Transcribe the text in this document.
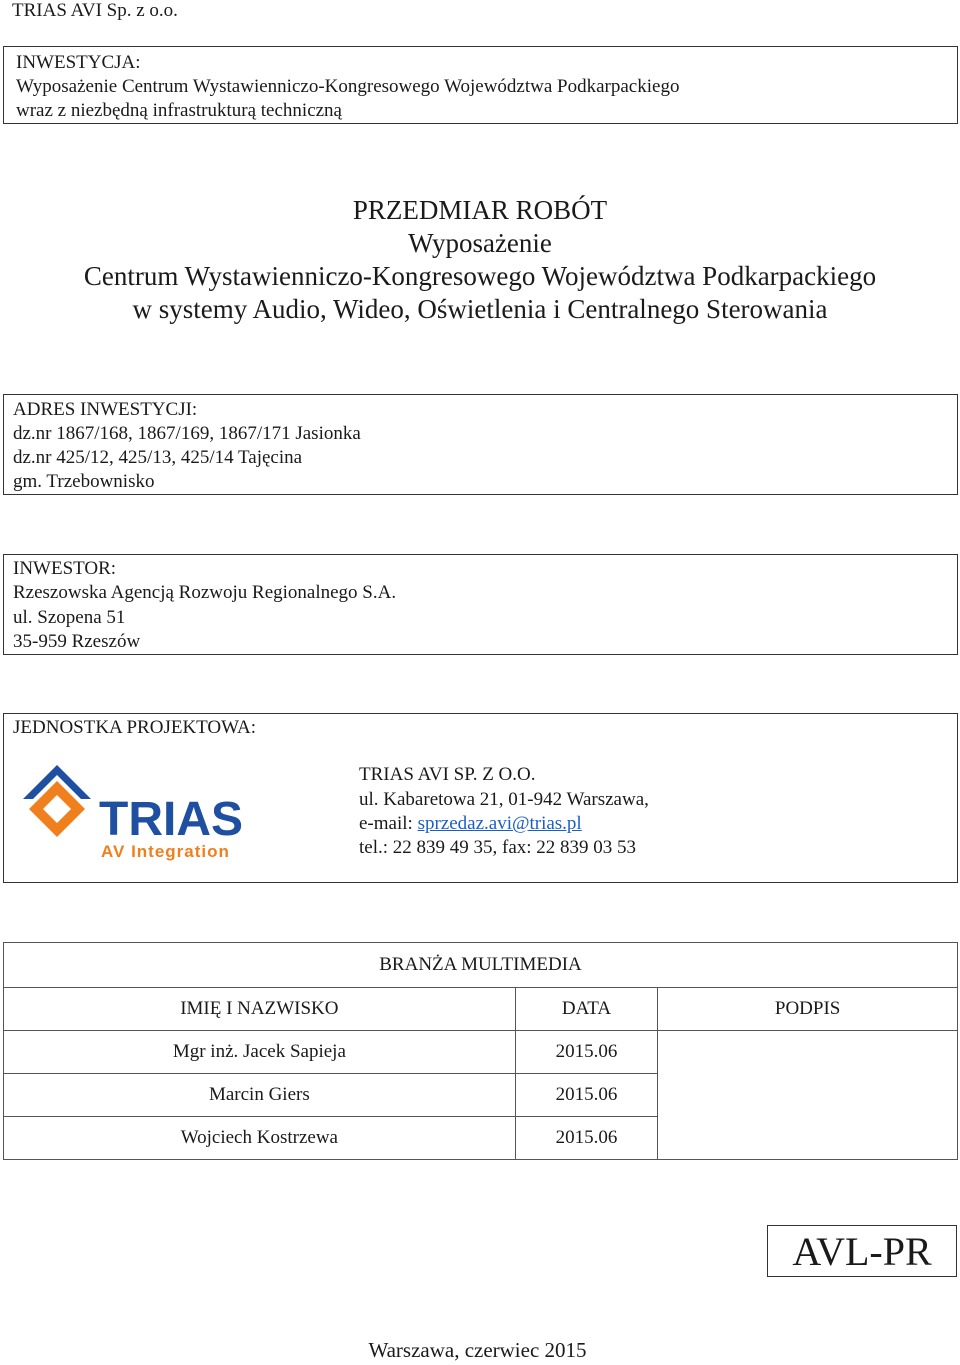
TRIAS AVI Sp. z o.o.
INWESTYCJA:
Wyposażenie Centrum Wystawienniczo-Kongresowego Województwa Podkarpackiego
wraz z niezbędną infrastrukturą techniczną
PRZEDMIAR ROBÓT
Wyposażenie
Centrum Wystawienniczo-Kongresowego Województwa Podkarpackiego
w systemy Audio, Wideo, Oświetlenia i Centralnego Sterowania
ADRES INWESTYCJI:
dz.nr 1867/168, 1867/169, 1867/171 Jasionka
dz.nr 425/12, 425/13, 425/14 Tajęcina
gm. Trzebownisko
INWESTOR:
Rzeszowska Agencją Rozwoju Regionalnego S.A.
ul. Szopena 51
35-959 Rzeszów
JEDNOSTKA PROJEKTOWA:
TRIAS
AV Integration
TRIAS AVI SP. Z O.O.
ul. Kabaretowa 21, 01-942 Warszawa,
e-mail: sprzedaz.avi@trias.pl
tel.: 22 839 49 35, fax: 22 839 03 53
BRANŻA MULTIMEDIA		
IMIĘ I NAZWISKO	DATA	PODPIS
Mgr inż. Jacek Sapieja	2015.06	
Marcin Giers	2015.06	
Wojciech Kostrzewa	2015.06	
AVL-PR
Warszawa, czerwiec 2015
